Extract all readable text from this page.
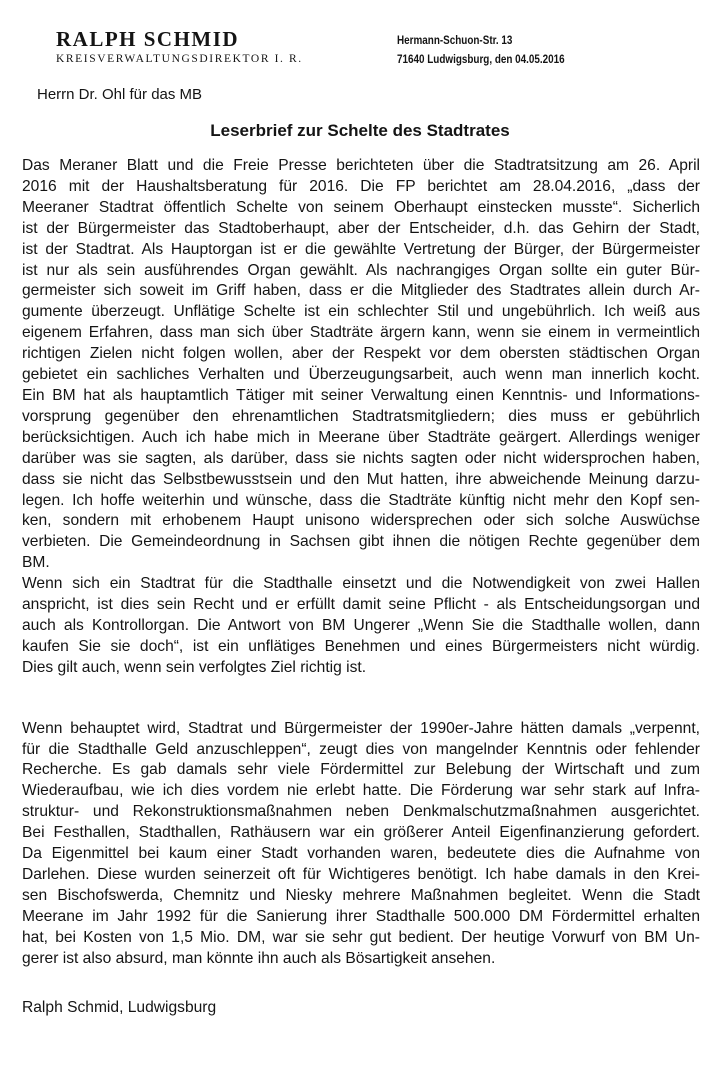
RALPH SCHMID
KREISVERWALTUNGSDIREKTOR I. R.
Hermann-Schuon-Str. 13
71640 Ludwigsburg, den 04.05.2016
Herrn Dr. Ohl für das MB
Leserbrief zur Schelte des Stadtrates
Das Meraner Blatt und die Freie Presse berichteten über die Stadtratsitzung am 26. April
2016 mit der Haushaltsberatung für 2016. Die FP berichtet am 28.04.2016, „dass der
Meeraner Stadtrat öffentlich Schelte von seinem Oberhaupt einstecken musste“. Sicherlich
ist der Bürgermeister das Stadtoberhaupt, aber der Entscheider, d.h. das Gehirn der Stadt,
ist der Stadtrat. Als Hauptorgan ist er die gewählte Vertretung der Bürger, der Bürgermeister
ist nur als sein ausführendes Organ gewählt. Als nachrangiges Organ sollte ein guter Bür-
germeister sich soweit im Griff haben, dass er die Mitglieder des Stadtrates allein durch Ar-
gumente überzeugt. Unflätige Schelte ist ein schlechter Stil und ungebührlich. Ich weiß aus
eigenem Erfahren, dass man sich über Stadträte ärgern kann, wenn sie einem in vermeintlich
richtigen Zielen nicht folgen wollen, aber der Respekt vor dem obersten städtischen Organ
gebietet ein sachliches Verhalten und Überzeugungsarbeit, auch wenn man innerlich kocht.
Ein BM hat als hauptamtlich Tätiger mit seiner Verwaltung einen Kenntnis- und Informations-
vorsprung gegenüber den ehrenamtlichen Stadtratsmitgliedern; dies muss er gebührlich
berücksichtigen. Auch ich habe mich in Meerane über Stadträte geärgert. Allerdings weniger
darüber was sie sagten, als darüber, dass sie nichts sagten oder nicht widersprochen haben,
dass sie nicht das Selbstbewusstsein und den Mut hatten, ihre abweichende Meinung darzu-
legen. Ich hoffe weiterhin und wünsche, dass die Stadträte künftig nicht mehr den Kopf sen-
ken, sondern mit erhobenem Haupt unisono widersprechen oder sich solche Auswüchse
verbieten. Die Gemeindeordnung in Sachsen gibt ihnen die nötigen Rechte gegenüber dem
BM.
Wenn sich ein Stadtrat für die Stadthalle einsetzt und die Notwendigkeit von zwei Hallen
anspricht, ist dies sein Recht und er erfüllt damit seine Pflicht - als Entscheidungsorgan und
auch als Kontrollorgan. Die Antwort von BM Ungerer „Wenn Sie die Stadthalle wollen, dann
kaufen Sie sie doch“, ist ein unflätiges Benehmen und eines Bürgermeisters nicht würdig.
Dies gilt auch, wenn sein verfolgtes Ziel richtig ist.
Wenn behauptet wird, Stadtrat und Bürgermeister der 1990er-Jahre hätten damals „verpennt,
für die Stadthalle Geld anzuschleppen“, zeugt dies von mangelnder Kenntnis oder fehlender
Recherche. Es gab damals sehr viele Fördermittel zur Belebung der Wirtschaft und zum
Wiederaufbau, wie ich dies vordem nie erlebt hatte. Die Förderung war sehr stark auf Infra-
struktur- und Rekonstruktionsmaßnahmen neben Denkmalschutzmaßnahmen ausgerichtet.
Bei Festhallen, Stadthallen, Rathäusern war ein größerer Anteil Eigenfinanzierung gefordert.
Da Eigenmittel bei kaum einer Stadt vorhanden waren, bedeutete dies die Aufnahme von
Darlehen. Diese wurden seinerzeit oft für Wichtigeres benötigt. Ich habe damals in den Krei-
sen Bischofswerda, Chemnitz und Niesky mehrere Maßnahmen begleitet. Wenn die Stadt
Meerane im Jahr 1992 für die Sanierung ihrer Stadthalle 500.000 DM Fördermittel erhalten
hat, bei Kosten von 1,5 Mio. DM, war sie sehr gut bedient. Der heutige Vorwurf von BM Un-
gerer ist also absurd, man könnte ihn auch als Bösartigkeit ansehen.
Ralph Schmid, Ludwigsburg
